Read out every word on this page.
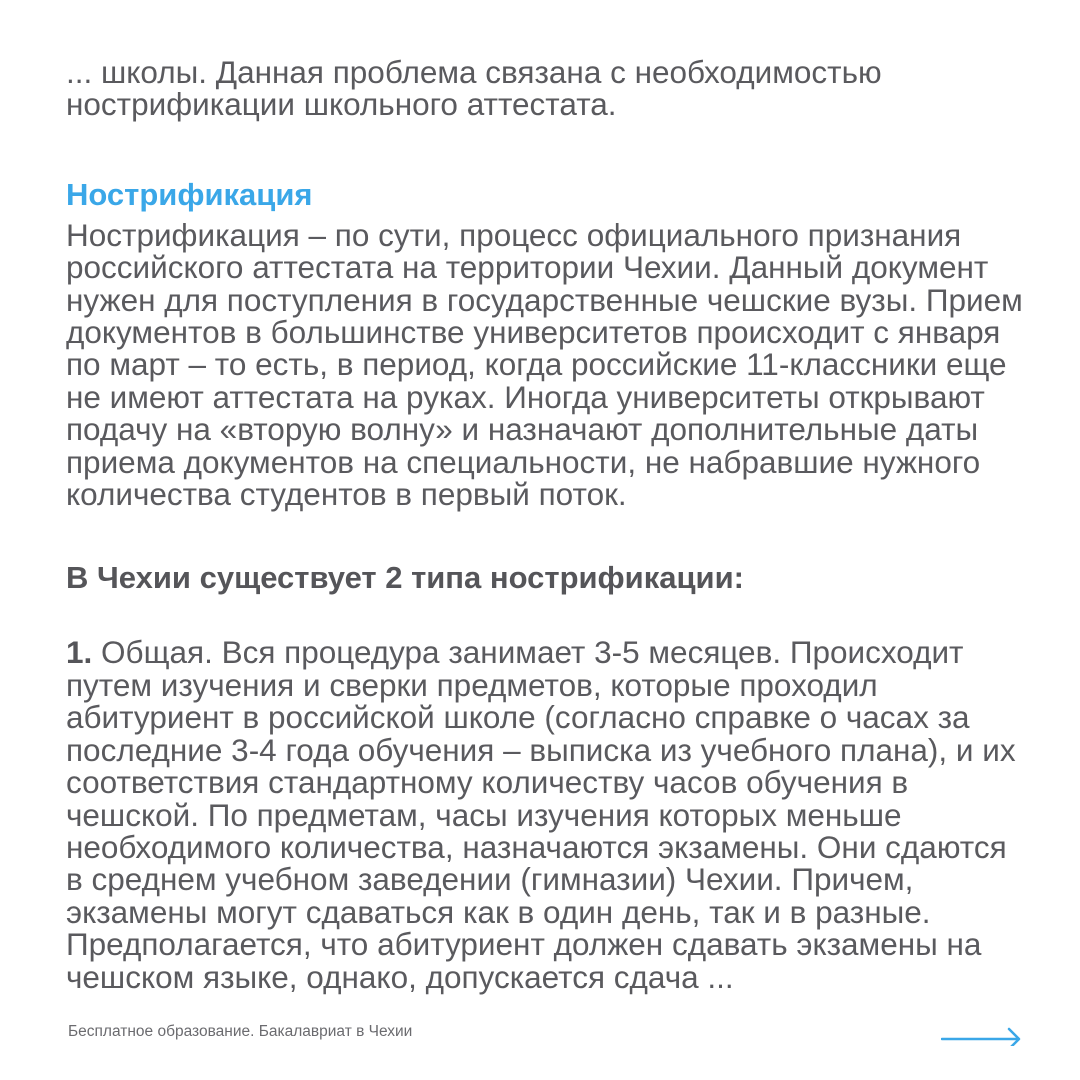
... школы. Данная проблема связана с необходимостью нострификации школьного аттестата.

Нострификация

Нострификация – по сути, процесс официального признания российского аттестата на территории Чехии. Данный документ нужен для поступления в государственные чешские вузы. Прием документов в большинстве университетов происходит с января по март – то есть, в период, когда российские 11-классники еще не имеют аттестата на руках. Иногда университеты открывают подачу на «вторую волну» и назначают дополнительные даты приема документов на специальности, не набравшие нужного количества студентов в первый поток.

В Чехии существует 2 типа нострификации:

1. Общая. Вся процедура занимает 3-5 месяцев. Происходит путем изучения и сверки предметов, которые проходил абитуриент в российской школе (согласно справке о часах за последние 3-4 года обучения – выписка из учебного плана), и их соответствия стандартному количеству часов обучения в чешской. По предметам, часы изучения которых меньше необходимого количества, назначаются экзамены. Они сдаются в среднем учебном заведении (гимназии) Чехии. Причем, экзамены могут сдаваться как в один день, так и в разные. Предполагается, что абитуриент должен сдавать экзамены на чешском языке, однако, допускается сдача ...

Бесплатное образование. Бакалавриат в Чехии
